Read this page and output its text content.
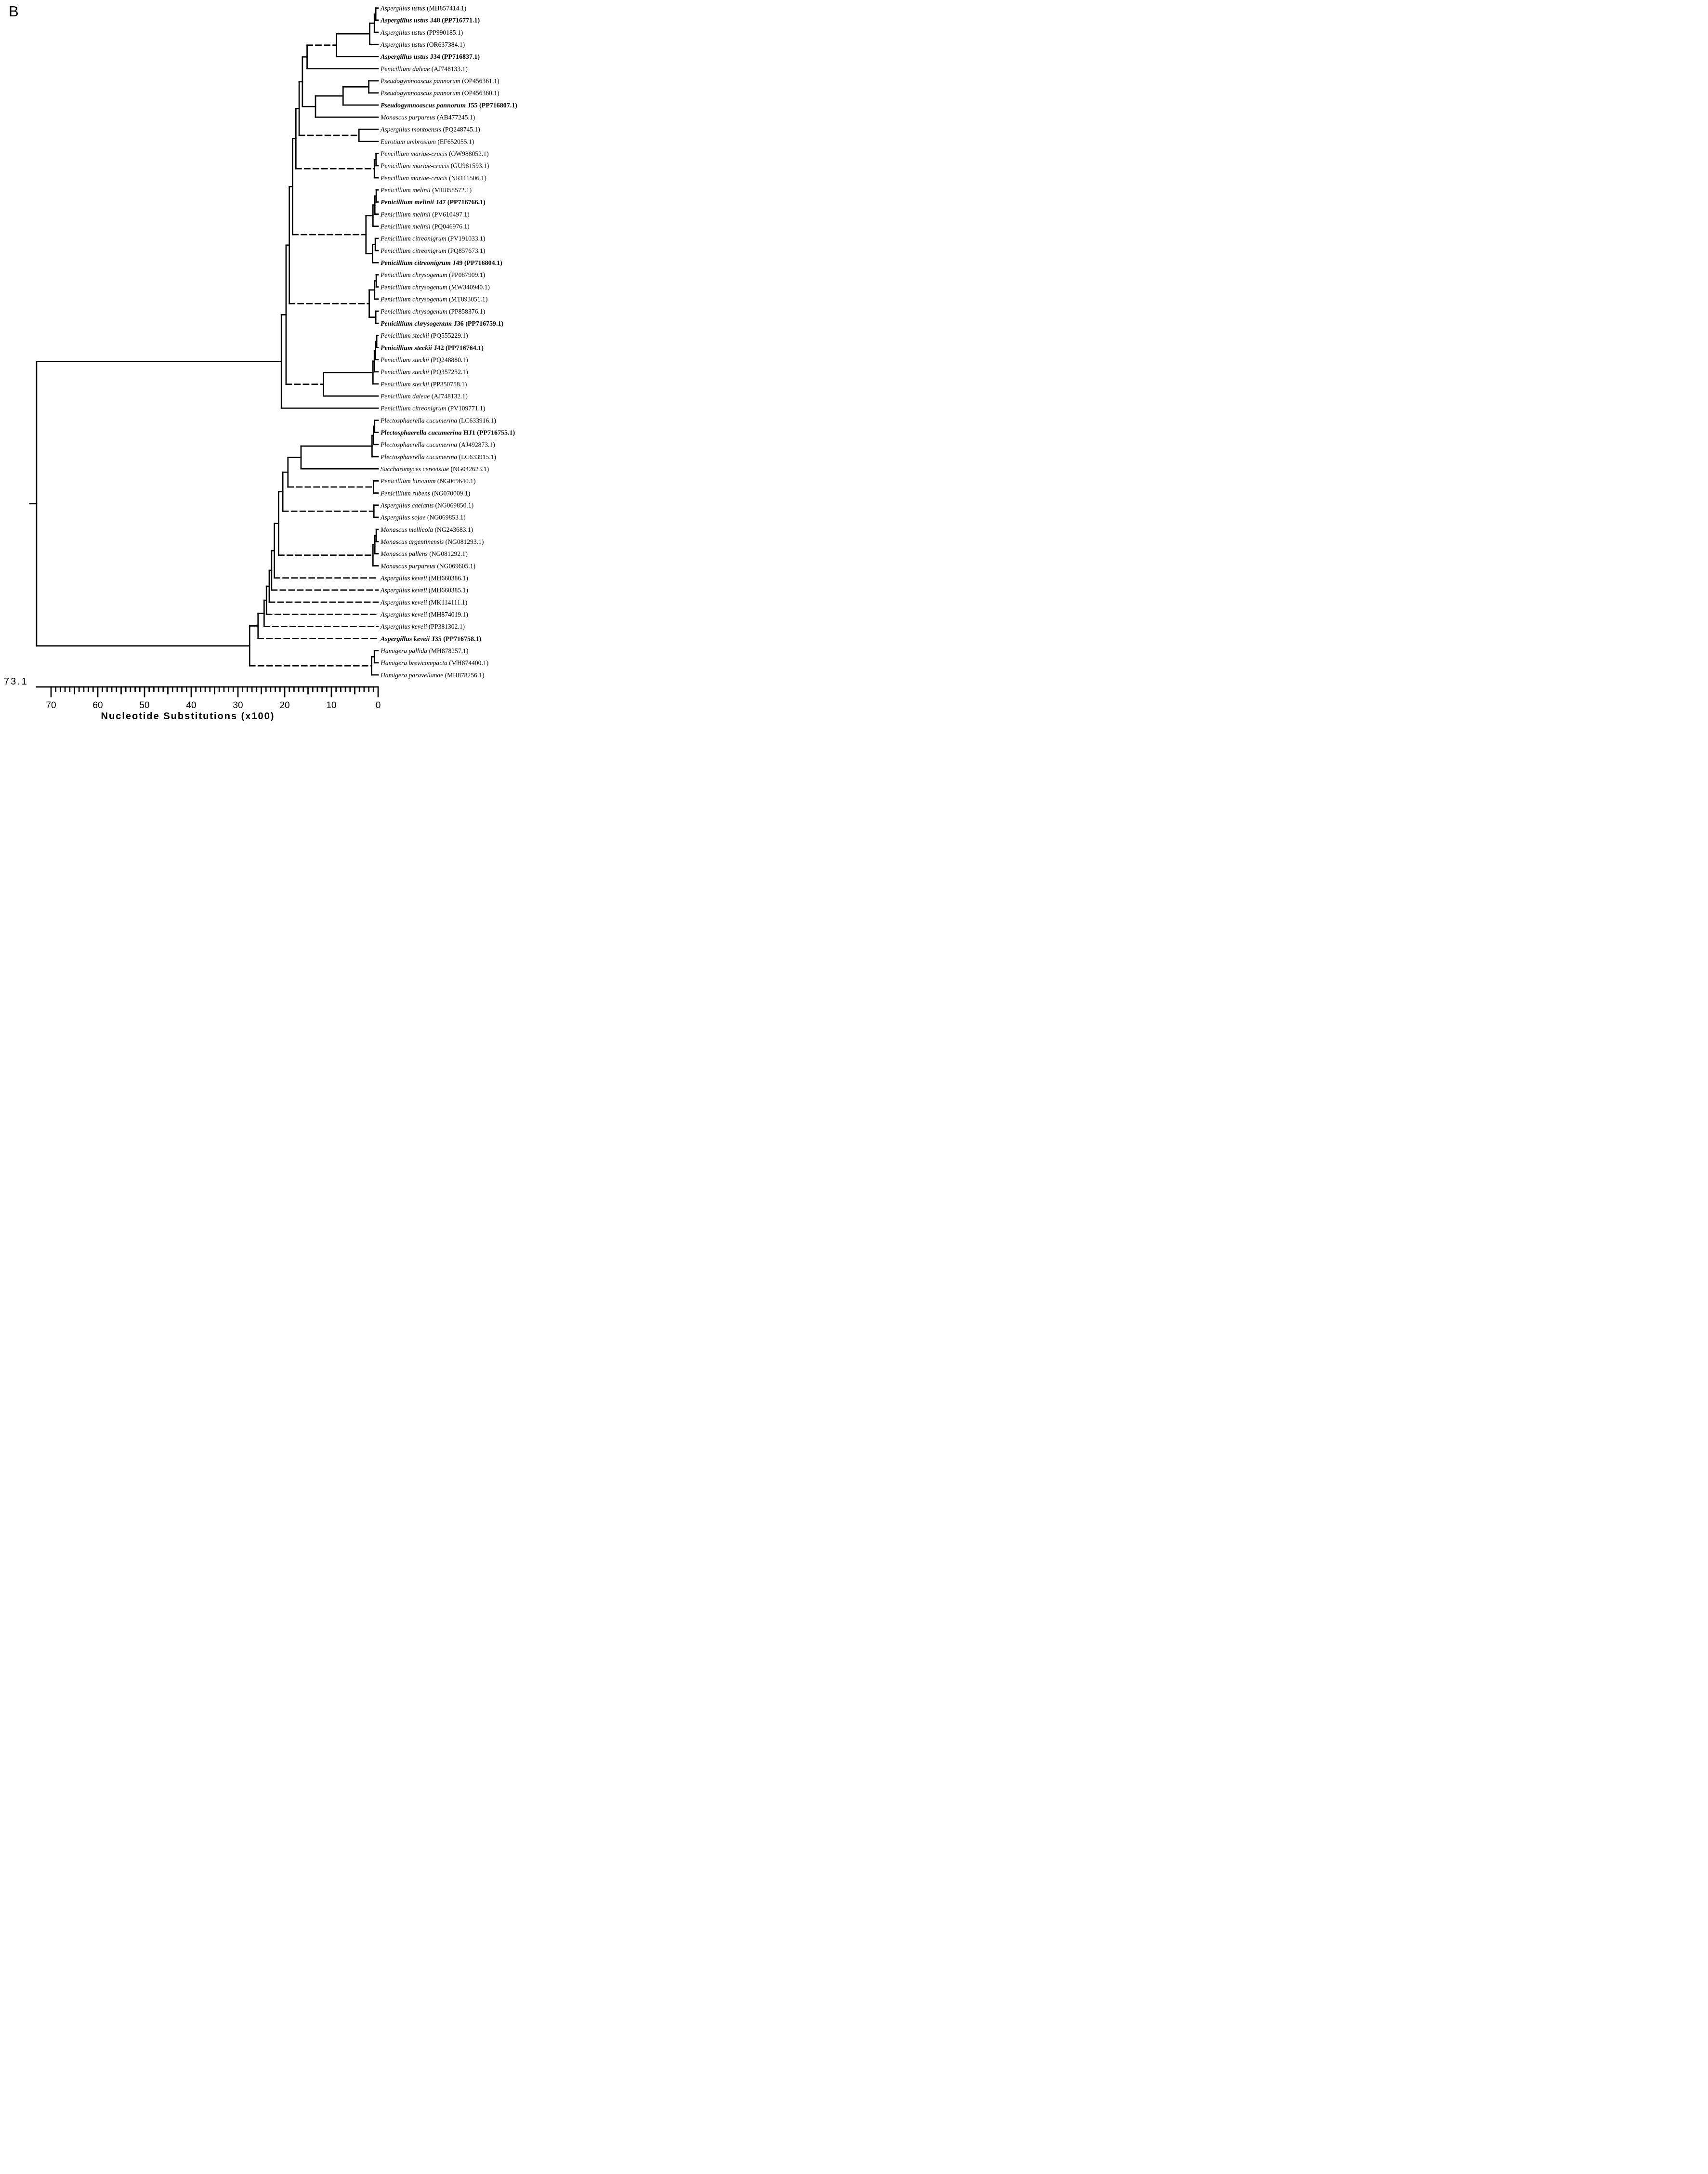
B	Aspergillus ustus (MH857414.1)
Aspergillus ustus J48 (PP716771.1)
Aspergillus ustus (PP990185.1)
Aspergillus ustus (OR637384.1)
Aspergillus ustus J34 (PP716837.1)
Penicillium daleae (AJ748133.1)
Pseudogymnoascus pannorum (OP456361.1)
Pseudogymnoascus pannorum (OP456360.1)
Pseudogymnoascus pannorum J55 (PP716807.1)
Monascus purpureus (AB477245.1)
Aspergillus montoensis (PQ248745.1)
Eurotium umbrosium (EF652055.1)
Pencillium mariae-crucis (OW988052.1)
Penicillium mariae-crucis (GU981593.1)
Pencillium mariae-crucis (NR111506.1)
Penicillium melinii (MH858572.1)
Penicillium melinii J47 (PP716766.1)
Penicillium melinii (PV610497.1)
Penicillium melinii (PQ046976.1)
Penicillium citreonigrum (PV191033.1)
Penicillium citreonigrum (PQ857673.1)
Penicillium citreonigrum J49 (PP716804.1)
Penicillium chrysogenum (PP087909.1)
Penicillium chrysogenum (MW340940.1)
Penicillium chrysogenum (MT893051.1)
Penicillium chrysogenum (PP858376.1)
Penicillium chrysogenum J36 (PP716759.1)
Penicillium steckii (PQ555229.1)
Penicillium steckii J42 (PP716764.1)
Penicillium steckii (PQ248880.1)
Penicillium steckii (PQ357252.1)
Penicillium steckii (PP350758.1)
Penicillium daleae (AJ748132.1)
Penicillium citreonigrum (PV109771.1)
Plectosphaerella cucumerina (LC633916.1)
Plectosphaerella cucumerina HJ1 (PP716755.1)
Plectosphaerella cucumerina (AJ492873.1)
Plectosphaerella cucumerina (LC633915.1)
Saccharomyces cerevisiae (NG042623.1)
Penicillium hirsutum (NG069640.1)
Penicillium rubens (NG070009.1)
Aspergillus caelatus (NG069850.1)
Aspergillus sojae (NG069853.1)
Monascus mellicola (NG243683.1)
Monascus argentinensis (NG081293.1)
Monascus pallens (NG081292.1)
Monascus purpureus (NG069605.1)
Aspergillus keveii (MH660386.1)
Aspergillus keveii (MH660385.1)
Aspergillus keveii (MK114111.1)
Aspergillus keveii (MH874019.1)
Aspergillus keveii (PP381302.1)
Aspergillus keveii J35 (PP716758.1)
Hamigera pallida (MH878257.1)
Hamigera brevicompacta (MH874400.1)
Hamigera paravellanae (MH878256.1)
70	60	50	40	30	20	10	0
73.1
Nucleotide Substitutions (x100)
